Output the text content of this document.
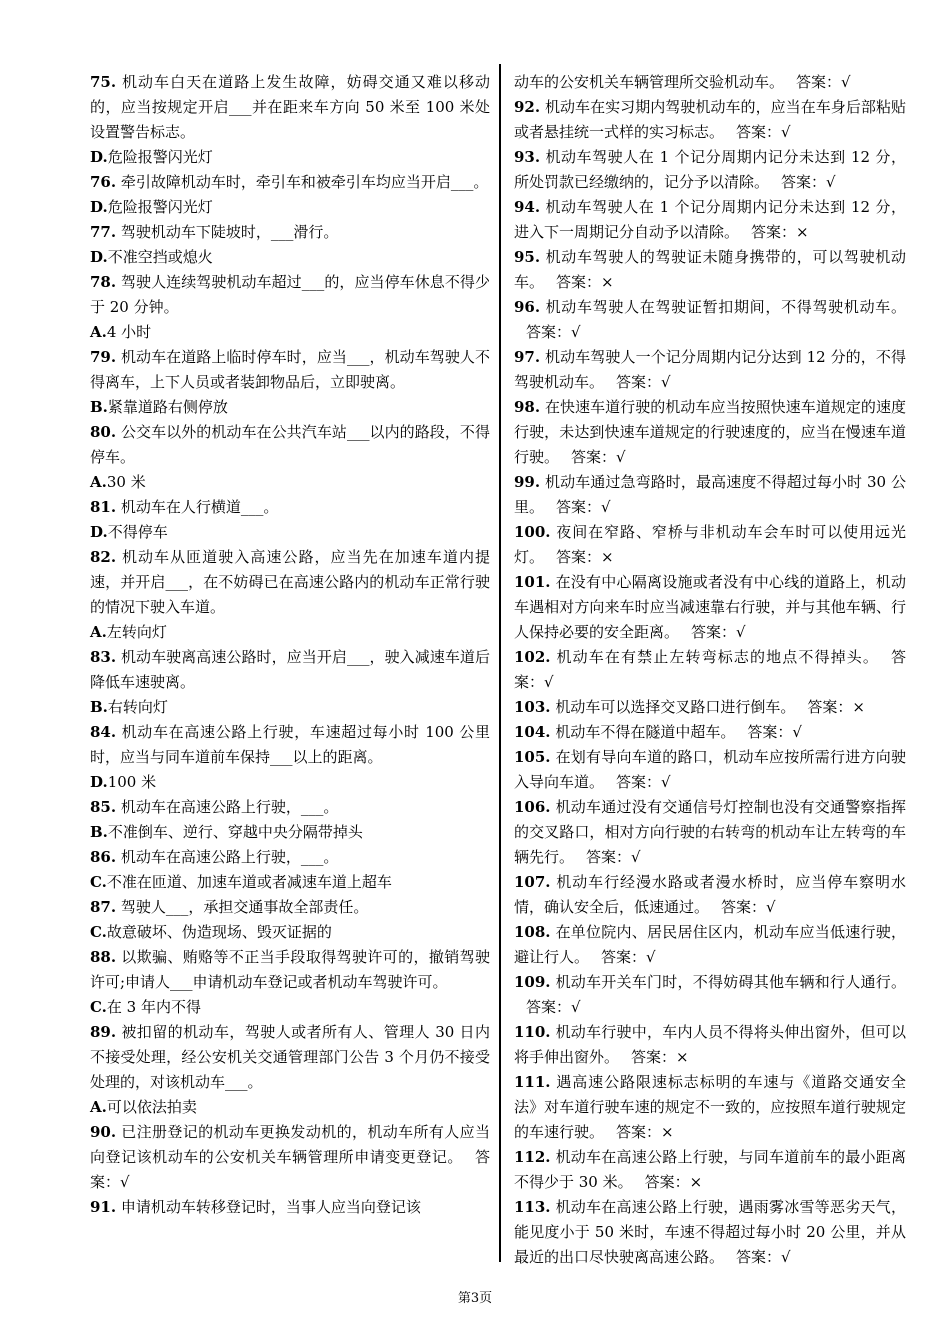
75. 机动车白天在道路上发生故障，妨碍交通又难以移动的，应当按规定开启___并在距来车方向 50 米至 100 米处设置警告标志。

D.危险报警闪光灯

76. 牵引故障机动车时，牵引车和被牵引车均应当开启___。

D.危险报警闪光灯

77. 驾驶机动车下陡坡时，___滑行。

D.不准空挡或熄火

78. 驾驶人连续驾驶机动车超过___的，应当停车休息不得少于 20 分钟。

A.4 小时

79. 机动车在道路上临时停车时，应当___，机动车驾驶人不得离车，上下人员或者装卸物品后，立即驶离。

B.紧靠道路右侧停放

80. 公交车以外的机动车在公共汽车站___以内的路段，不得停车。

A.30 米

81. 机动车在人行横道___。

D.不得停车

82. 机动车从匝道驶入高速公路，应当先在加速车道内提速，并开启___，在不妨碍已在高速公路内的机动车正常行驶的情况下驶入车道。

A.左转向灯

83. 机动车驶离高速公路时，应当开启___，驶入减速车道后降低车速驶离。

B.右转向灯

84. 机动车在高速公路上行驶，车速超过每小时 100 公里时，应当与同车道前车保持___以上的距离。

D.100 米

85. 机动车在高速公路上行驶，___。

B.不准倒车、逆行、穿越中央分隔带掉头

86. 机动车在高速公路上行驶，___。

C.不准在匝道、加速车道或者减速车道上超车

87. 驾驶人___，承担交通事故全部责任。

C.故意破坏、伪造现场、毁灭证据的

88. 以欺骗、贿赂等不正当手段取得驾驶许可的，撤销驾驶许可;申请人___申请机动车登记或者机动车驾驶许可。

C.在 3 年内不得

89. 被扣留的机动车，驾驶人或者所有人、管理人 30 日内不接受处理，经公安机关交通管理部门公告 3 个月仍不接受处理的，对该机动车___。

A.可以依法拍卖

90. 已注册登记的机动车更换发动机的，机动车所有人应当向登记该机动车的公安机关车辆管理所申请变更登记。 答案：√

91. 申请机动车转移登记时，当事人应当向登记该

动车的公安机关车辆管理所交验机动车。 答案：√

92. 机动车在实习期内驾驶机动车的，应当在车身后部粘贴或者悬挂统一式样的实习标志。 答案：√

93. 机动车驾驶人在 1 个记分周期内记分未达到 12 分，所处罚款已经缴纳的，记分予以清除。 答案：√

94. 机动车驾驶人在 1 个记分周期内记分未达到 12 分，进入下一周期记分自动予以清除。 答案：×

95. 机动车驾驶人的驾驶证未随身携带的，可以驾驶机动车。 答案：×

96. 机动车驾驶人在驾驶证暂扣期间，不得驾驶机动车。答案：√

97. 机动车驾驶人一个记分周期内记分达到 12 分的，不得驾驶机动车。 答案：√

98. 在快速车道行驶的机动车应当按照快速车道规定的速度行驶，未达到快速车道规定的行驶速度的，应当在慢速车道行驶。 答案：√

99. 机动车通过急弯路时，最高速度不得超过每小时 30 公里。 答案：√

100. 夜间在窄路、窄桥与非机动车会车时可以使用远光灯。 答案：×

101. 在没有中心隔离设施或者没有中心线的道路上，机动车遇相对方向来车时应当减速靠右行驶，并与其他车辆、行人保持必要的安全距离。 答案：√

102. 机动车在有禁止左转弯标志的地点不得掉头。 答案：√

103. 机动车可以选择交叉路口进行倒车。 答案：×

104. 机动车不得在隧道中超车。 答案：√

105. 在划有导向车道的路口，机动车应按所需行进方向驶入导向车道。 答案：√

106. 机动车通过没有交通信号灯控制也没有交通警察指挥的交叉路口，相对方向行驶的右转弯的机动车让左转弯的车辆先行。 答案：√

107. 机动车行经漫水路或者漫水桥时，应当停车察明水情，确认安全后，低速通过。 答案：√

108. 在单位院内、居民居住区内，机动车应当低速行驶，避让行人。 答案：√

109. 机动车开关车门时，不得妨碍其他车辆和行人通行。答案：√

110. 机动车行驶中，车内人员不得将头伸出窗外，但可以将手伸出窗外。 答案：×

111. 遇高速公路限速标志标明的车速与《道路交通安全法》对车道行驶车速的规定不一致的，应按照车道行驶规定的车速行驶。 答案：×

112. 机动车在高速公路上行驶，与同车道前车的最小距离不得少于 30 米。 答案：×

113. 机动车在高速公路上行驶，遇雨雾冰雪等恶劣天气，能见度小于 50 米时，车速不得超过每小时 20 公里，并从最近的出口尽快驶离高速公路。 答案：√

第3页
